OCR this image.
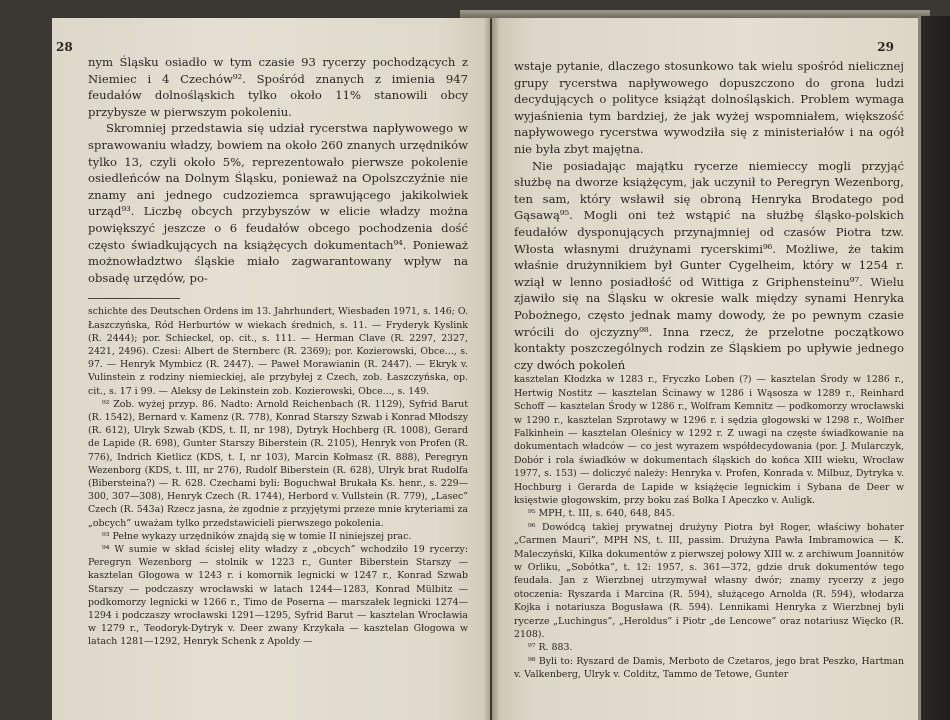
nym Śląsku osiadło w tym czasie 93 rycerzy pochodzących z Niemiec i 4 Czechów⁹². Spośród znanych z imienia 947 feudałów dolnośląskich tylko około 11% stanowili obcy przybysze w pierwszym pokoleniu.

Skromniej przedstawia się udział rycerstwa napływowego w sprawowaniu władzy, bowiem na około 260 znanych urzędników tylko 13, czyli około 5%, reprezentowało pierwsze pokolenie osiedleńców na Dolnym Śląsku, ponieważ na Opolszczyźnie nie znamy ani jednego cudzoziemca sprawującego jakikolwiek urząd⁹³. Liczbę obcych przybyszów w elicie władzy można powiększyć jeszcze o 6 feudałów obcego pochodzenia dość często świadkujących na książęcych dokumentach⁹⁴. Ponieważ możnowładztwo śląskie miało zagwarantowany wpływ na obsadę urzędów, po-

schichte des Deutschen Ordens im 13. Jahrhundert, Wiesbaden 1971, s. 146; O. Łaszczyńska, Ród Herburtów w wiekach średnich, s. 11. — Fryderyk Kyslink (R. 2444); por. Schieckel, op. cit., s. 111. — Herman Clave (R. 2297, 2327, 2421, 2496). Czesi: Albert de Sternberc (R. 2369); por. Kozierowski, Obce..., s. 97. — Henryk Mymbicz (R. 2447). — Paweł Morawianin (R. 2447). — Ekryk v. Vulinstein z rodziny niemieckiej, ale przybyłej z Czech, zob. Łaszczyńska, op. cit., s. 17 i 99. — Aleksy de Lekinstein zob. Kozierowski, Obce..., s. 149.

⁹² Zob. wyżej przyp. 86. Nadto: Arnold Reichenbach (R. 1129), Syfrid Barut (R. 1542), Bernard v. Kamenz (R. 778), Konrad Starszy Szwab i Konrad Młodszy (R. 612), Ulryk Szwab (KDS, t. II, nr 198), Dytryk Hochberg (R. 1008), Gerard de Lapide (R. 698), Gunter Starszy Biberstein (R. 2105), Henryk von Profen (R. 776), Indrich Kietlicz (KDS, t. I, nr 103), Marcin Kołmasz (R. 888), Peregryn Wezenborg (KDS, t. III, nr 276), Rudolf Biberstein (R. 628), Ulryk brat Rudolfa (Bibersteina?) — R. 628. Czechami byli: Boguchwał Brukała Ks. henr., s. 229—300, 307—308), Henryk Czech (R. 1744), Herbord v. Vullstein (R. 779), „Lasec” Czech (R. 543a) Rzecz jasna, że zgodnie z przyjętymi przeze mnie kryteriami za „obcych” uważam tylko przedstawicieli pierwszego pokolenia.

⁹³ Pełne wykazy urzędników znajdą się w tomie II niniejszej prac.

⁹⁴ W sumie w skład ścisłej elity władzy z „obcych” wchodziło 19 rycerzy: Peregryn Wezenborg — stolnik w 1223 r., Gunter Biberstein Starszy — kasztelan Głogowa w 1243 r. i komornik legnicki w 1247 r., Konrad Szwab Starszy — podczaszy wrocławski w latach 1244—1283, Konrad Mülbitz — podkomorzy legnicki w 1266 r., Timo de Poserna — marszałek legnicki 1274—1294 i podczaszy wrocławski 1291—1295, Syfrid Barut — kasztelan Wrocławia w 1279 r., Teodoryk-Dytryk v. Deer zwany Krzykała — kasztelan Głogowa w latach 1281—1292, Henryk Schenk z Apoldy —

wstaje pytanie, dlaczego stosunkowo tak wielu spośród nielicznej grupy rycerstwa napływowego dopuszczono do grona ludzi decydujących o polityce książąt dolnośląskich. Problem wymaga wyjaśnienia tym bardziej, że jak wyżej wspomniałem, większość napływowego rycerstwa wywodziła się z ministeriałów i na ogół nie była zbyt majętna.

Nie posiadając majątku rycerze niemieccy mogli przyjąć służbę na dworze książęcym, jak uczynił to Peregryn Wezenborg, ten sam, który wsławił się obroną Henryka Brodatego pod Gąsawą⁹⁵. Mogli oni też wstąpić na służbę śląsko-polskich feudałów dysponujących przynajmniej od czasów Piotra tzw. Włosta własnymi drużynami rycerskimi⁹⁶. Możliwe, że takim właśnie drużynnikiem był Gunter Cygelheim, który w 1254 r. wziął w lenno posiadłość od Wittiga z Griphensteinu⁹⁷. Wielu zjawiło się na Śląsku w okresie walk między synami Henryka Pobożnego, często jednak mamy dowody, że po pewnym czasie wrócili do ojczyzny⁹⁸. Inna rzecz, że przelotne początkowo kontakty poszczególnych rodzin ze Śląskiem po upływie jednego czy dwóch pokoleń

kasztelan Kłodzka w 1283 r., Fryczko Loben (?) — kasztelan Środy w 1286 r., Hertwig Nostitz — kasztelan Ścinawy w 1286 i Wąsosza w 1289 r., Reinhard Schoff — kasztelan Środy w 1286 r., Wolfram Kemnitz — podkomorzy wrocławski w 1290 r., kasztelan Szprotawy w 1296 r. i sędzia głogowski w 1298 r., Wolfher Falkinhein — kasztelan Oleśnicy w 1292 r. Z uwagi na częste świadkowanie na dokumentach władców — co jest wyrazem współdecydowania (por. J. Mularczyk, Dobór i rola świadków w dokumentach śląskich do końca XIII wieku, Wrocław 1977, s. 153) — doliczyć należy: Henryka v. Profen, Konrada v. Milbuz, Dytryka v. Hochburg i Gerarda de Lapide w książęcie legnickim i Sybana de Deer w księstwie głogowskim, przy boku zaś Bolka I Apeczko v. Auligk.

⁹⁵ MPH, t. III, s. 640, 648, 845.

⁹⁶ Dowódcą takiej prywatnej drużyny Piotra był Roger, właściwy bohater „Carmen Mauri”, MPH NS, t. III, passim. Drużyna Pawła Imbramowica — K. Maleczyński, Kilka dokumentów z pierwszej połowy XIII w. z archiwum Joannitów w Orliku, „Sobótka”, t. 12: 1957, s. 361—372, gdzie druk dokumentów tego feudała. Jan z Wierzbnej utrzymywał własny dwór; znamy rycerzy z jego otoczenia: Ryszarda i Marcina (R. 594), służącego Arnolda (R. 594), włodarza Kojka i notariusza Bogusława (R. 594). Lennikami Henryka z Wierzbnej byli rycerze „Luchingus”, „Heroldus” i Piotr „de Lencowe” oraz notariusz Więcko (R. 2108).

⁹⁷ R. 883.

⁹⁸ Byli to: Ryszard de Damis, Merboto de Czetaros, jego brat Peszko, Hartman v. Valkenberg, Ulryk v. Colditz, Tammo de Tetowe, Gunter

28	29
